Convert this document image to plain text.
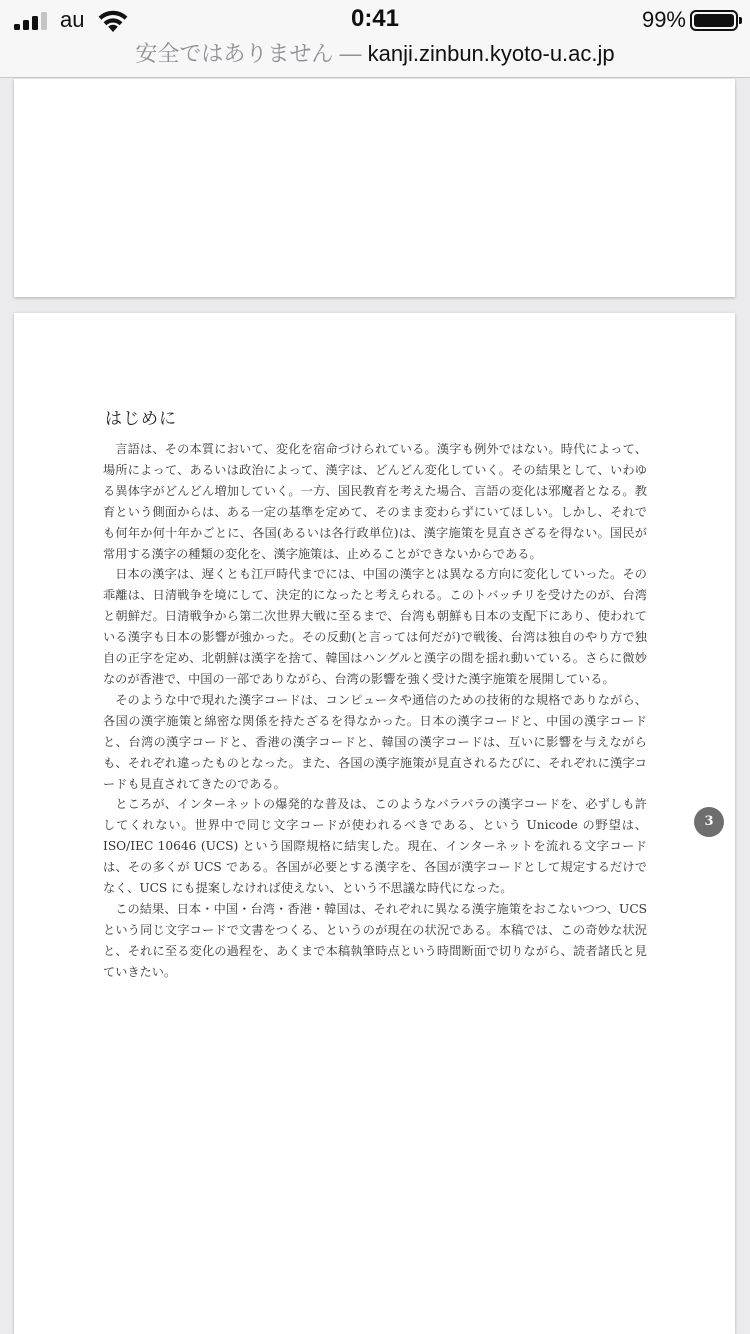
au	0:41	99%
安全ではありません — kanji.zinbun.kyoto-u.ac.jp
はじめに

言語は、その本質において、変化を宿命づけられている。漢字も例外ではない。時代によって、場所によって、あるいは政治によって、漢字は、どんどん変化していく。その結果として、いわゆる異体字がどんどん増加していく。一方、国民教育を考えた場合、言語の変化は邪魔者となる。教育という側面からは、ある一定の基準を定めて、そのまま変わらずにいてほしい。しかし、それでも何年か何十年かごとに、各国(あるいは各行政単位)は、漢字施策を見直さざるを得ない。国民が常用する漢字の種類の変化を、漢字施策は、止めることができないからである。

日本の漢字は、遅くとも江戸時代までには、中国の漢字とは異なる方向に変化していった。その乖離は、日清戦争を境にして、決定的になったと考えられる。このトバッチリを受けたのが、台湾と朝鮮だ。日清戦争から第二次世界大戦に至るまで、台湾も朝鮮も日本の支配下にあり、使われている漢字も日本の影響が強かった。その反動(と言っては何だが)で戦後、台湾は独自のやり方で独自の正字を定め、北朝鮮は漢字を捨て、韓国はハングルと漢字の間を揺れ動いている。さらに微妙なのが香港で、中国の一部でありながら、台湾の影響を強く受けた漢字施策を展開している。

そのような中で現れた漢字コードは、コンピュータや通信のための技術的な規格でありながら、各国の漢字施策と綿密な関係を持たざるを得なかった。日本の漢字コードと、中国の漢字コードと、台湾の漢字コードと、香港の漢字コードと、韓国の漢字コードは、互いに影響を与えながらも、それぞれ違ったものとなった。また、各国の漢字施策が見直されるたびに、それぞれに漢字コードも見直されてきたのである。

ところが、インターネットの爆発的な普及は、このようなバラバラの漢字コードを、必ずしも許してくれない。世界中で同じ文字コードが使われるべきである、という Unicode の野望は、ISO/IEC 10646 (UCS) という国際規格に結実した。現在、インターネットを流れる文字コードは、その多くが UCS である。各国が必要とする漢字を、各国が漢字コードとして規定するだけでなく、UCS にも提案しなければ使えない、という不思議な時代になった。

この結果、日本・中国・台湾・香港・韓国は、それぞれに異なる漢字施策をおこないつつ、UCS という同じ文字コードで文書をつくる、というのが現在の状況である。本稿では、この奇妙な状況と、それに至る変化の過程を、あくまで本稿執筆時点という時間断面で切りながら、読者諸氏と見ていきたい。

3
